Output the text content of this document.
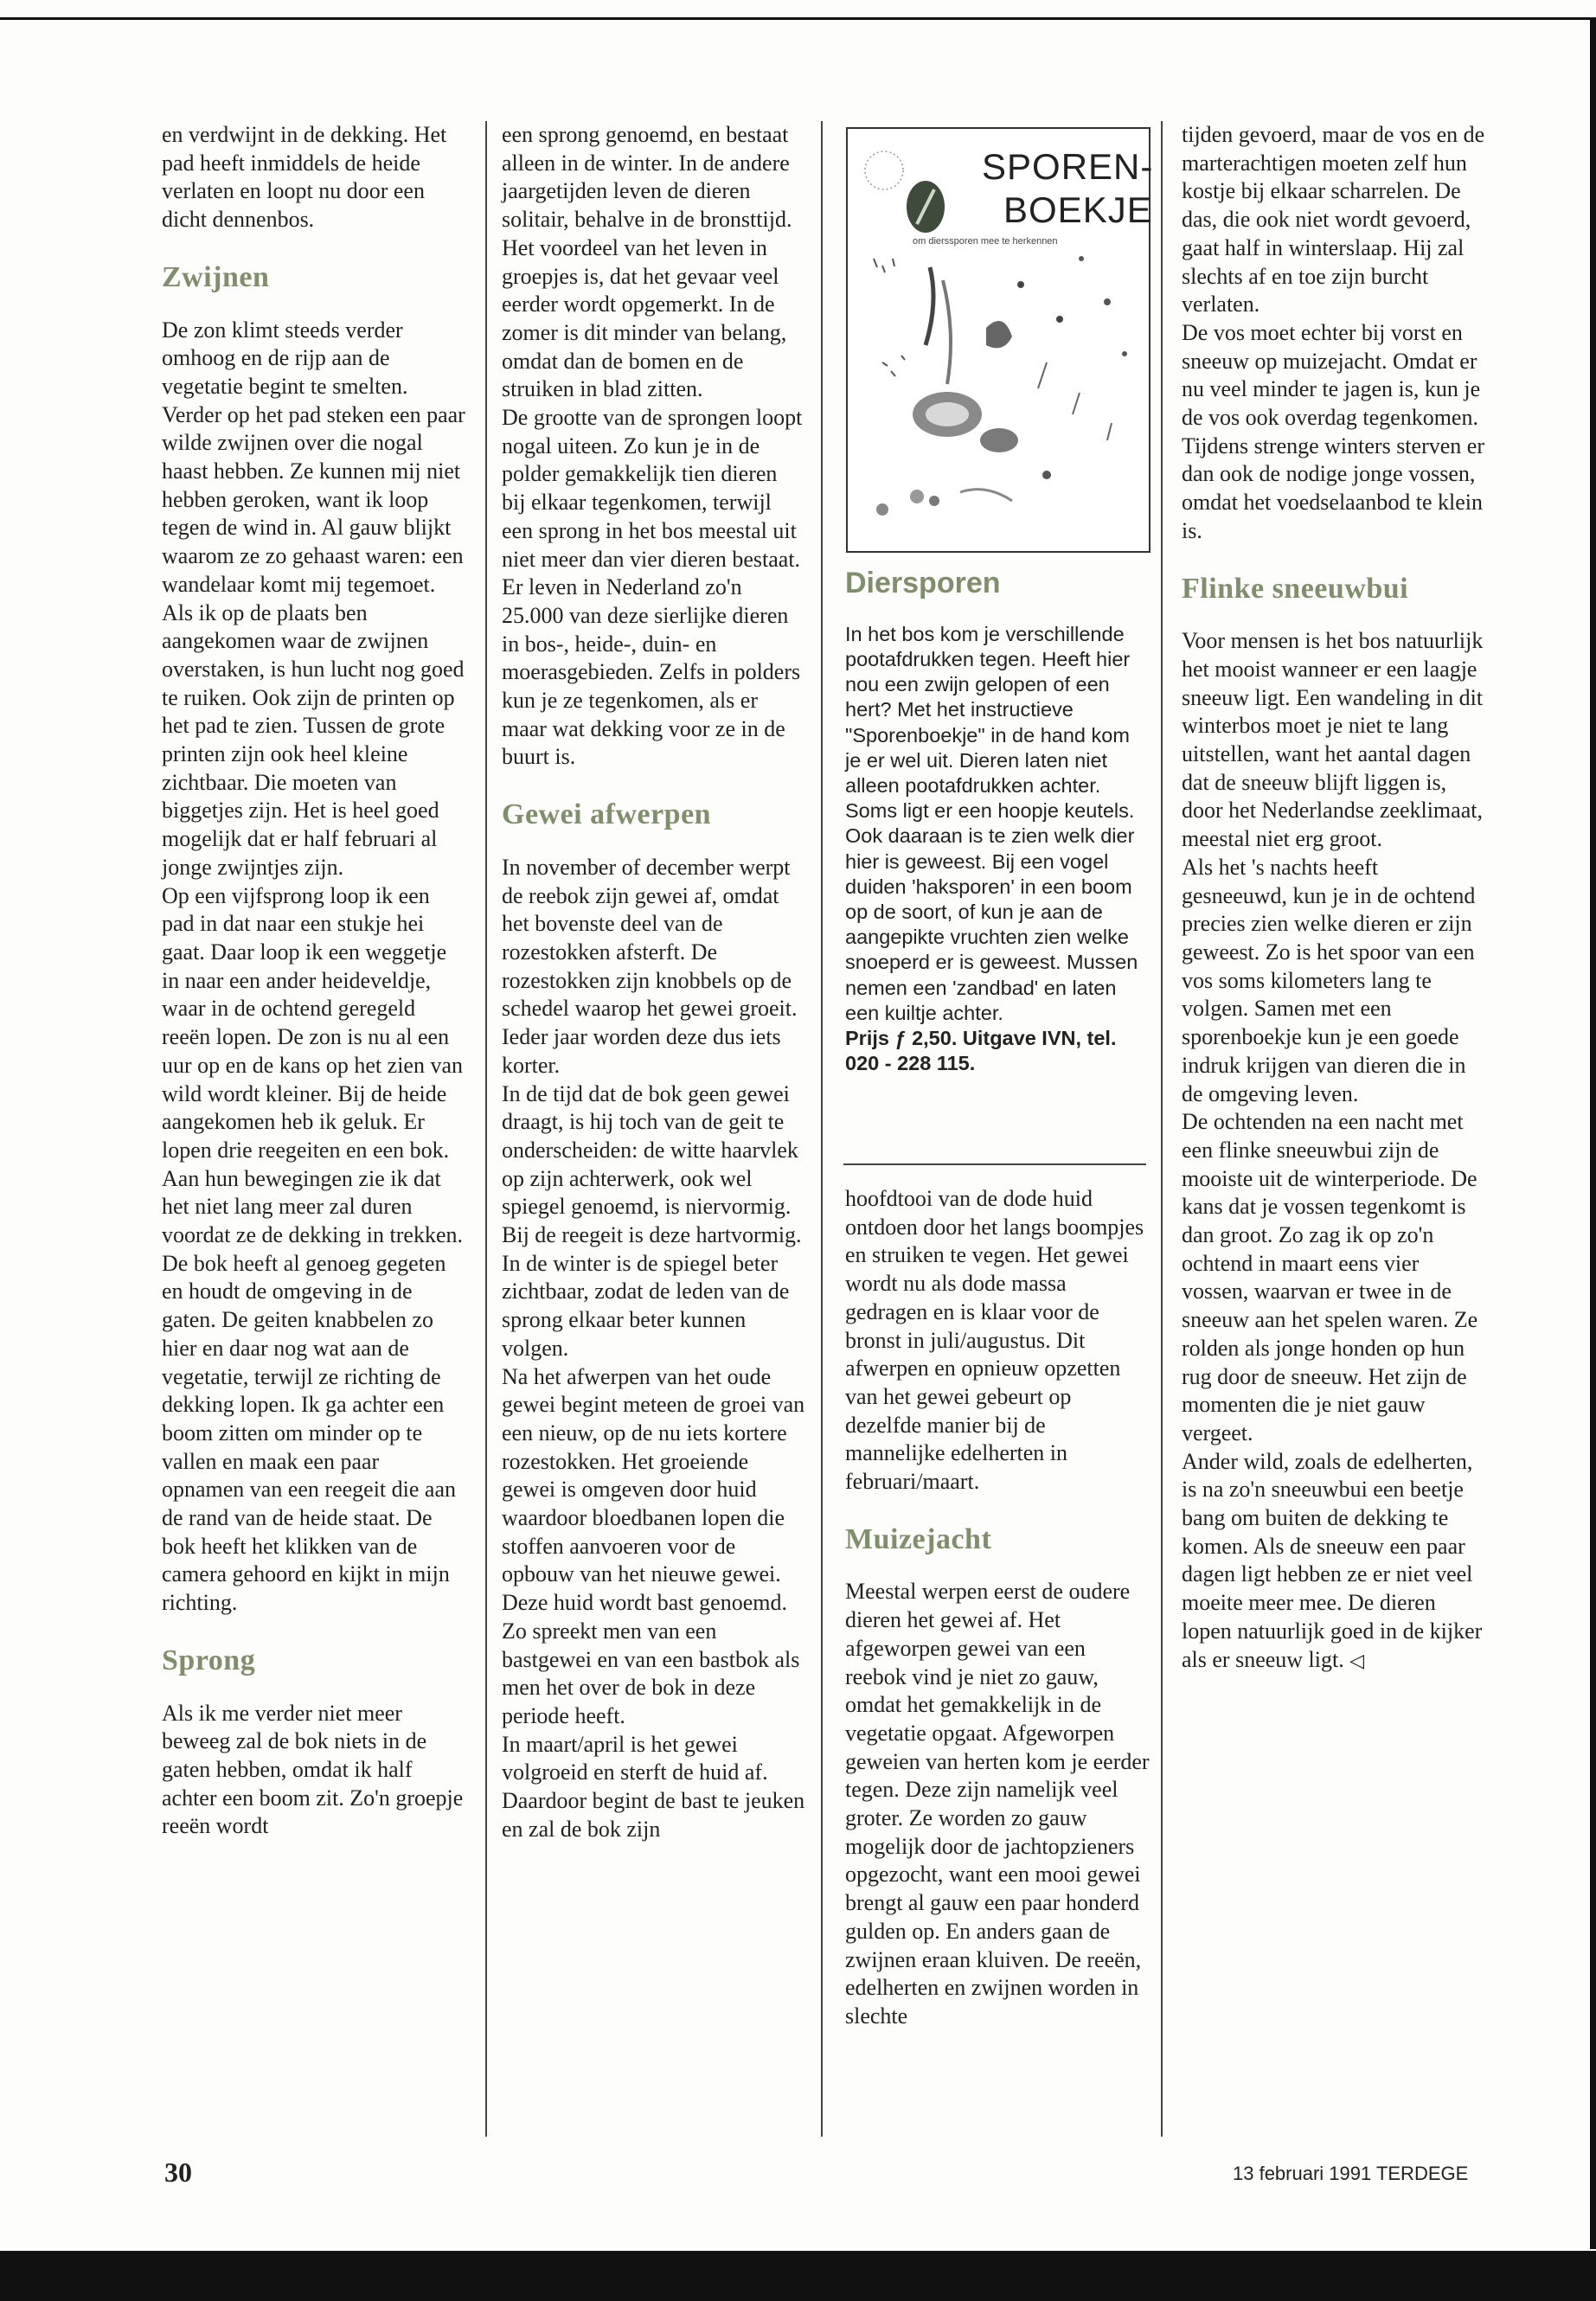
en verdwijnt in de dekking. Het pad heeft inmiddels de heide verlaten en loopt nu door een dicht dennenbos.

Zwijnen

De zon klimt steeds verder omhoog en de rijp aan de vegetatie begint te smelten. Verder op het pad steken een paar wilde zwijnen over die nogal haast hebben. Ze kunnen mij niet hebben geroken, want ik loop tegen de wind in. Al gauw blijkt waarom ze zo gehaast waren: een wandelaar komt mij tegemoet. Als ik op de plaats ben aangekomen waar de zwijnen overstaken, is hun lucht nog goed te ruiken. Ook zijn de printen op het pad te zien. Tussen de grote printen zijn ook heel kleine zichtbaar. Die moeten van biggetjes zijn. Het is heel goed mogelijk dat er half februari al jonge zwijntjes zijn.

Op een vijfsprong loop ik een pad in dat naar een stukje hei gaat. Daar loop ik een weggetje in naar een ander heideveldje, waar in de ochtend geregeld reeën lopen. De zon is nu al een uur op en de kans op het zien van wild wordt kleiner. Bij de heide aangekomen heb ik geluk. Er lopen drie reegeiten en een bok. Aan hun bewegingen zie ik dat het niet lang meer zal duren voordat ze de dekking in trekken.

De bok heeft al genoeg gegeten en houdt de omgeving in de gaten. De geiten knabbelen zo hier en daar nog wat aan de vegetatie, terwijl ze richting de dekking lopen. Ik ga achter een boom zitten om minder op te vallen en maak een paar opnamen van een reegeit die aan de rand van de heide staat. De bok heeft het klikken van de camera gehoord en kijkt in mijn richting.

Sprong

Als ik me verder niet meer beweeg zal de bok niets in de gaten hebben, omdat ik half achter een boom zit. Zo'n groepje reeën wordt

een sprong genoemd, en bestaat alleen in de winter. In de andere jaargetijden leven de dieren solitair, behalve in de bronsttijd. Het voordeel van het leven in groepjes is, dat het gevaar veel eerder wordt opgemerkt. In de zomer is dit minder van belang, omdat dan de bomen en de struiken in blad zitten.

De grootte van de sprongen loopt nogal uiteen. Zo kun je in de polder gemakkelijk tien dieren bij elkaar tegenkomen, terwijl een sprong in het bos meestal uit niet meer dan vier dieren bestaat.

Er leven in Nederland zo'n 25.000 van deze sierlijke dieren in bos-, heide-, duin- en moerasgebieden. Zelfs in polders kun je ze tegenkomen, als er maar wat dekking voor ze in de buurt is.

Gewei afwerpen

In november of december werpt de reebok zijn gewei af, omdat het bovenste deel van de rozestokken afsterft. De rozestokken zijn knobbels op de schedel waarop het gewei groeit. Ieder jaar worden deze dus iets korter.

In de tijd dat de bok geen gewei draagt, is hij toch van de geit te onderscheiden: de witte haarvlek op zijn achterwerk, ook wel spiegel genoemd, is niervormig. Bij de reegeit is deze hartvormig. In de winter is de spiegel beter zichtbaar, zodat de leden van de sprong elkaar beter kunnen volgen.

Na het afwerpen van het oude gewei begint meteen de groei van een nieuw, op de nu iets kortere rozestokken. Het groeiende gewei is omgeven door huid waardoor bloedbanen lopen die stoffen aanvoeren voor de opbouw van het nieuwe gewei. Deze huid wordt bast genoemd. Zo spreekt men van een bastgewei en van een bastbok als men het over de bok in deze periode heeft.

In maart/april is het gewei volgroeid en sterft de huid af. Daardoor begint de bast te jeuken en zal de bok zijn

SPOREN-
BOEKJE
om dierssporen mee te herkennen
Diersporen

In het bos kom je verschillende pootafdrukken tegen. Heeft hier nou een zwijn gelopen of een hert? Met het instructieve "Sporenboekje" in de hand kom je er wel uit. Dieren laten niet alleen pootafdrukken achter. Soms ligt er een hoopje keutels. Ook daaraan is te zien welk dier hier is geweest. Bij een vogel duiden 'haksporen' in een boom op de soort, of kun je aan de aangepikte vruchten zien welke snoeperd er is geweest. Mussen nemen een 'zandbad' en laten een kuiltje achter.

Prijs ƒ 2,50. Uitgave IVN, tel. 020 - 228 115.

hoofdtooi van de dode huid ontdoen door het langs boompjes en struiken te vegen. Het gewei wordt nu als dode massa gedragen en is klaar voor de bronst in juli/augustus. Dit afwerpen en opnieuw opzetten van het gewei gebeurt op dezelfde manier bij de mannelijke edelherten in februari/maart.

Muizejacht

Meestal werpen eerst de oudere dieren het gewei af. Het afgeworpen gewei van een reebok vind je niet zo gauw, omdat het gemakkelijk in de vegetatie opgaat. Afgeworpen geweien van herten kom je eerder tegen. Deze zijn namelijk veel groter. Ze worden zo gauw mogelijk door de jachtopzieners opgezocht, want een mooi gewei brengt al gauw een paar honderd gulden op. En anders gaan de zwijnen eraan kluiven. De reeën, edelherten en zwijnen worden in slechte

tijden gevoerd, maar de vos en de marterachtigen moeten zelf hun kostje bij elkaar scharrelen. De das, die ook niet wordt gevoerd, gaat half in winterslaap. Hij zal slechts af en toe zijn burcht verlaten.

De vos moet echter bij vorst en sneeuw op muizejacht. Omdat er nu veel minder te jagen is, kun je de vos ook overdag tegenkomen. Tijdens strenge winters sterven er dan ook de nodige jonge vossen, omdat het voedselaanbod te klein is.

Flinke sneeuwbui

Voor mensen is het bos natuurlijk het mooist wanneer er een laagje sneeuw ligt. Een wandeling in dit winterbos moet je niet te lang uitstellen, want het aantal dagen dat de sneeuw blijft liggen is, door het Nederlandse zeeklimaat, meestal niet erg groot.

Als het 's nachts heeft gesneeuwd, kun je in de ochtend precies zien welke dieren er zijn geweest. Zo is het spoor van een vos soms kilometers lang te volgen. Samen met een sporenboekje kun je een goede indruk krijgen van dieren die in de omgeving leven.

De ochtenden na een nacht met een flinke sneeuwbui zijn de mooiste uit de winterperiode. De kans dat je vossen tegenkomt is dan groot. Zo zag ik op zo'n ochtend in maart eens vier vossen, waarvan er twee in de sneeuw aan het spelen waren. Ze rolden als jonge honden op hun rug door de sneeuw. Het zijn de momenten die je niet gauw vergeet.

Ander wild, zoals de edelherten, is na zo'n sneeuwbui een beetje bang om buiten de dekking te komen. Als de sneeuw een paar dagen ligt hebben ze er niet veel moeite meer mee. De dieren lopen natuurlijk goed in de kijker als er sneeuw ligt. ◁

30	13 februari 1991 TERDEGE
